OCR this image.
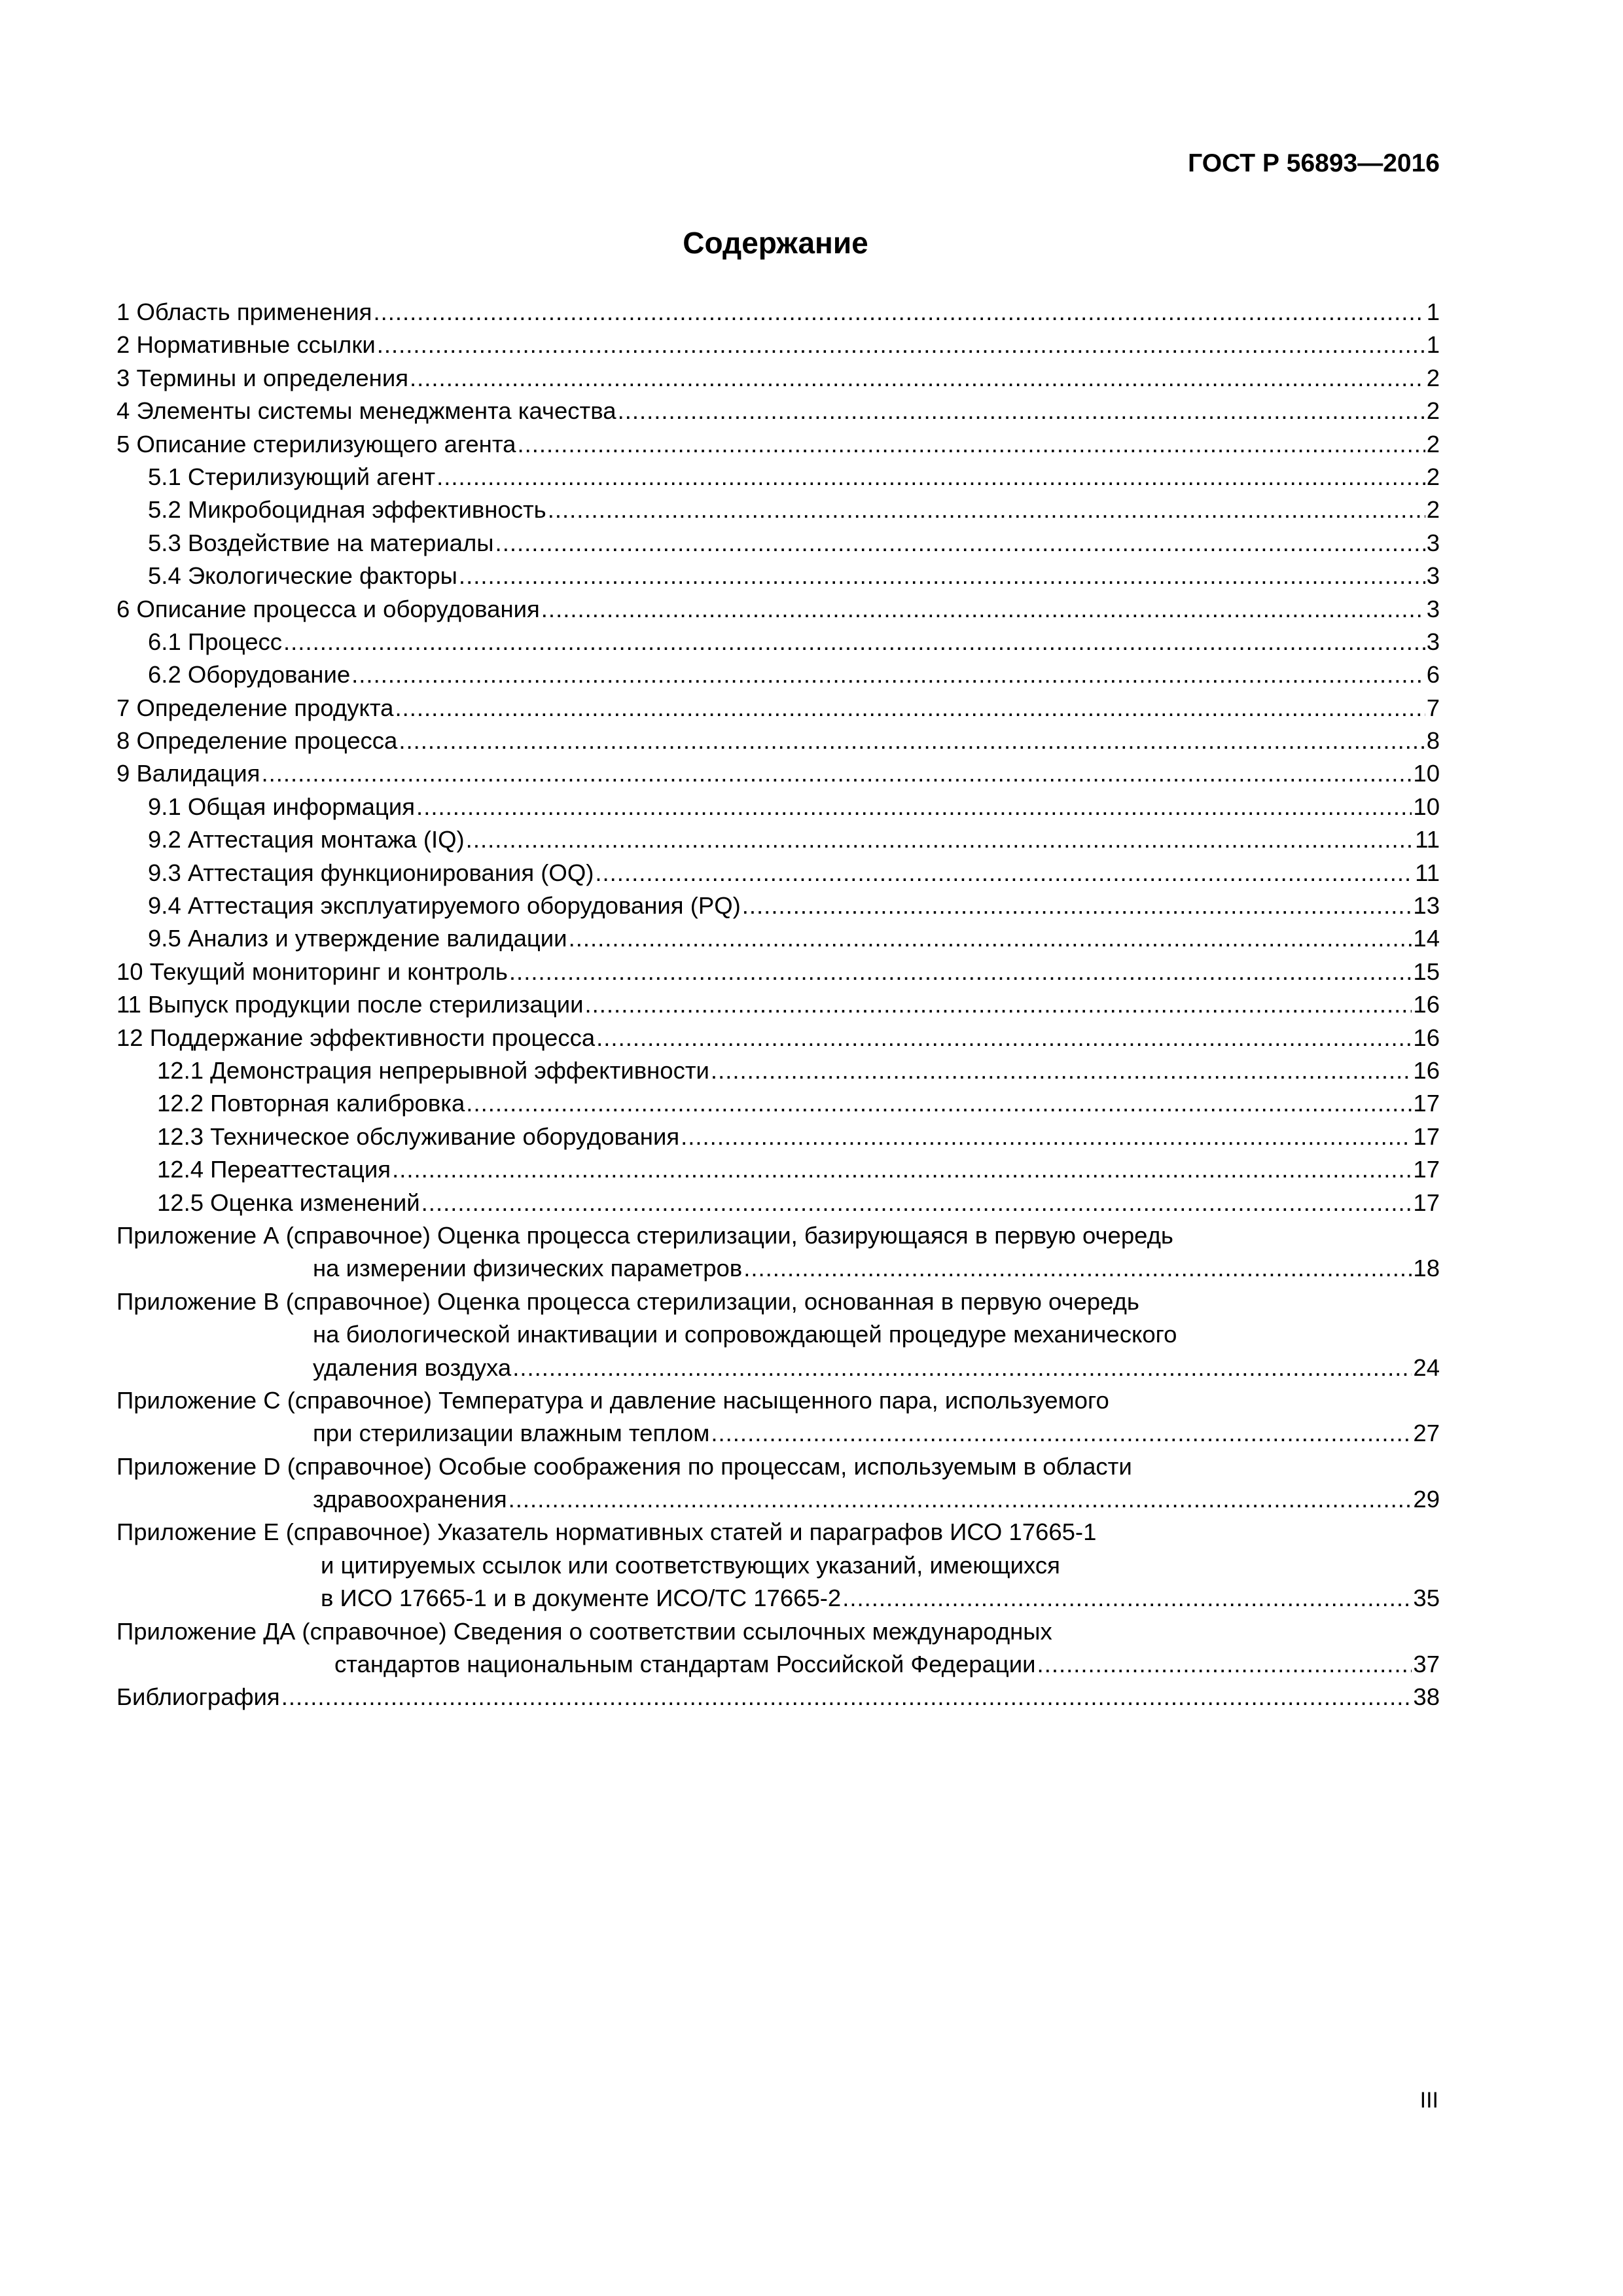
ГОСТ Р 56893—2016
Содержание
1 Область применения .....	1
2 Нормативные ссылки .....	1
3 Термины и определения .....	2
4 Элементы системы менеджмента качества .....	2
5 Описание стерилизующего агента .....	2
5.1 Стерилизующий агент .....	2
5.2 Микробоцидная эффективность .....	2
5.3 Воздействие на материалы .....	3
5.4 Экологические факторы .....	3
6 Описание процесса и оборудования .....	3
6.1 Процесс .....	3
6.2 Оборудование .....	6
7 Определение продукта .....	7
8 Определение процесса .....	8
9 Валидация .....	10
9.1 Общая информация .....	10
9.2 Аттестация монтажа (IQ) .....	11
9.3 Аттестация функционирования (OQ) .....	11
9.4 Аттестация эксплуатируемого оборудования (PQ) .....	13
9.5 Анализ и утверждение валидации .....	14
10 Текущий мониторинг и контроль .....	15
11 Выпуск продукции после стерилизации .....	16
12 Поддержание эффективности процесса .....	16
12.1 Демонстрация непрерывной эффективности .....	16
12.2 Повторная калибровка .....	17
12.3 Техническое обслуживание оборудования .....	17
12.4 Переаттестация .....	17
12.5 Оценка изменений .....	17
Приложение А (справочное) Оценка процесса стерилизации, базирующаяся в первую очередь
на измерении физических параметров .....	18
Приложение В (справочное) Оценка процесса стерилизации, основанная в первую очередь
на биологической инактивации и сопровождающей процедуре механического
удаления воздуха .....	24
Приложение С (справочное) Температура и давление насыщенного пара, используемого
при стерилизации влажным теплом .....	27
Приложение D (справочное) Особые соображения по процессам, используемым в области
здравоохранения .....	29
Приложение Е (справочное) Указатель нормативных статей и параграфов ИСО 17665-1
и цитируемых ссылок или соответствующих указаний, имеющихся
в ИСО 17665-1 и в документе ИСО/ТС 17665-2 .....	35
Приложение ДА (справочное) Сведения о соответствии ссылочных международных
стандартов национальным стандартам Российской Федерации .....	37
Библиография .....	38
III
